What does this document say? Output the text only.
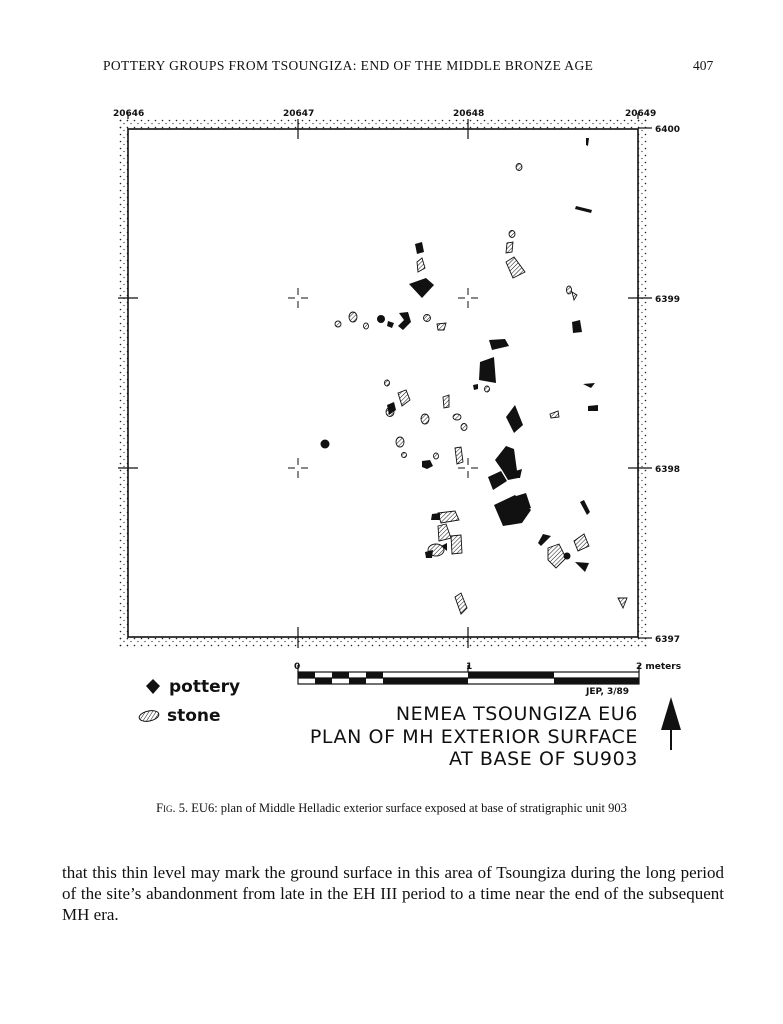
POTTERY GROUPS FROM TSOUNGIZA: END OF THE MIDDLE BRONZE AGE	407
20646	20647	20648	20649
6400
6399
6398
6397
0	1	2 meters
JEP, 3/89
pottery
stone	NEMEA TSOUNGIZA EU6
PLAN OF MH EXTERIOR SURFACE
AT BASE OF SU903
Fig. 5. EU6: plan of Middle Helladic exterior surface exposed at base of stratigraphic unit 903

that this thin level may mark the ground surface in this area of Tsoungiza during the long period of the site’s abandonment from late in the EH III period to a time near the end of the subsequent MH era.
